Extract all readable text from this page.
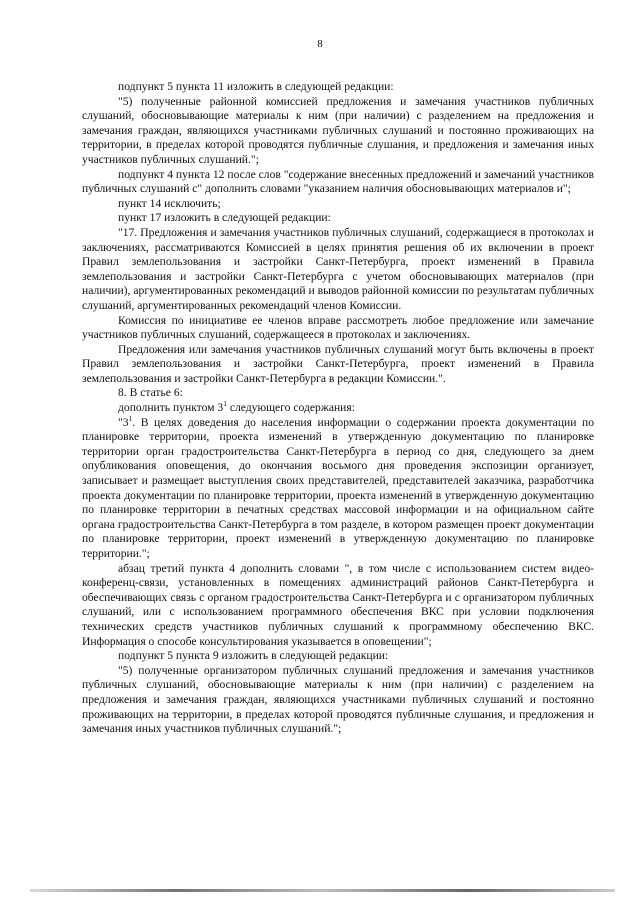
8

подпункт 5 пункта 11 изложить в следующей редакции:

"5) полученные районной комиссией предложения и замечания участников публичных слушаний, обосновывающие материалы к ним (при наличии) с разделением на предложения и замечания граждан, являющихся участниками публичных слушаний и постоянно проживающих на территории, в пределах которой проводятся публичные слушания, и предложения и замечания иных участников публичных слушаний.";

подпункт 4 пункта 12 после слов "содержание внесенных предложений и замечаний участников публичных слушаний с" дополнить словами "указанием наличия обосновывающих материалов и";

пункт 14 исключить;

пункт 17 изложить в следующей редакции:

"17. Предложения и замечания участников публичных слушаний, содержащиеся в протоколах и заключениях, рассматриваются Комиссией в целях принятия решения об их включении в проект Правил землепользования и застройки Санкт-Петербурга, проект изменений в Правила землепользования и застройки Санкт-Петербурга с учетом обосновывающих материалов (при наличии), аргументированных рекомендаций и выводов районной комиссии по результатам публичных слушаний, аргументированных рекомендаций членов Комиссии.

Комиссия по инициативе ее членов вправе рассмотреть любое предложение или замечание участников публичных слушаний, содержащееся в протоколах и заключениях.

Предложения или замечания участников публичных слушаний могут быть включены в проект Правил землепользования и застройки Санкт-Петербурга, проект изменений в Правила землепользования и застройки Санкт-Петербурга в редакции Комиссии.".

8. В статье 6:

дополнить пунктом $3^1$ следующего содержания:

"$3^1$. В целях доведения до населения информации о содержании проекта документации по планировке территории, проекта изменений в утвержденную документацию по планировке территории орган градостроительства Санкт-Петербурга в период со дня, следующего за днем опубликования оповещения, до окончания восьмого дня проведения экспозиции организует, записывает и размещает выступления своих представителей, представителей заказчика, разработчика проекта документации по планировке территории, проекта изменений в утвержденную документацию по планировке территории в печатных средствах массовой информации и на официальном сайте органа градостроительства Санкт-Петербурга в том разделе, в котором размещен проект документации по планировке территории, проект изменений в утвержденную документацию по планировке территории.";

абзац третий пункта 4 дополнить словами ", в том числе с использованием систем видео-конференц-связи, установленных в помещениях администраций районов Санкт-Петербурга и обеспечивающих связь с органом градостроительства Санкт-Петербурга и с организатором публичных слушаний, или с использованием программного обеспечения ВКС при условии подключения технических средств участников публичных слушаний к программному обеспечению ВКС. Информация о способе консультирования указывается в оповещении";

подпункт 5 пункта 9 изложить в следующей редакции:

"5) полученные организатором публичных слушаний предложения и замечания участников публичных слушаний, обосновывающие материалы к ним (при наличии) с разделением на предложения и замечания граждан, являющихся участниками публичных слушаний и постоянно проживающих на территории, в пределах которой проводятся публичные слушания, и предложения и замечания иных участников публичных слушаний.";
